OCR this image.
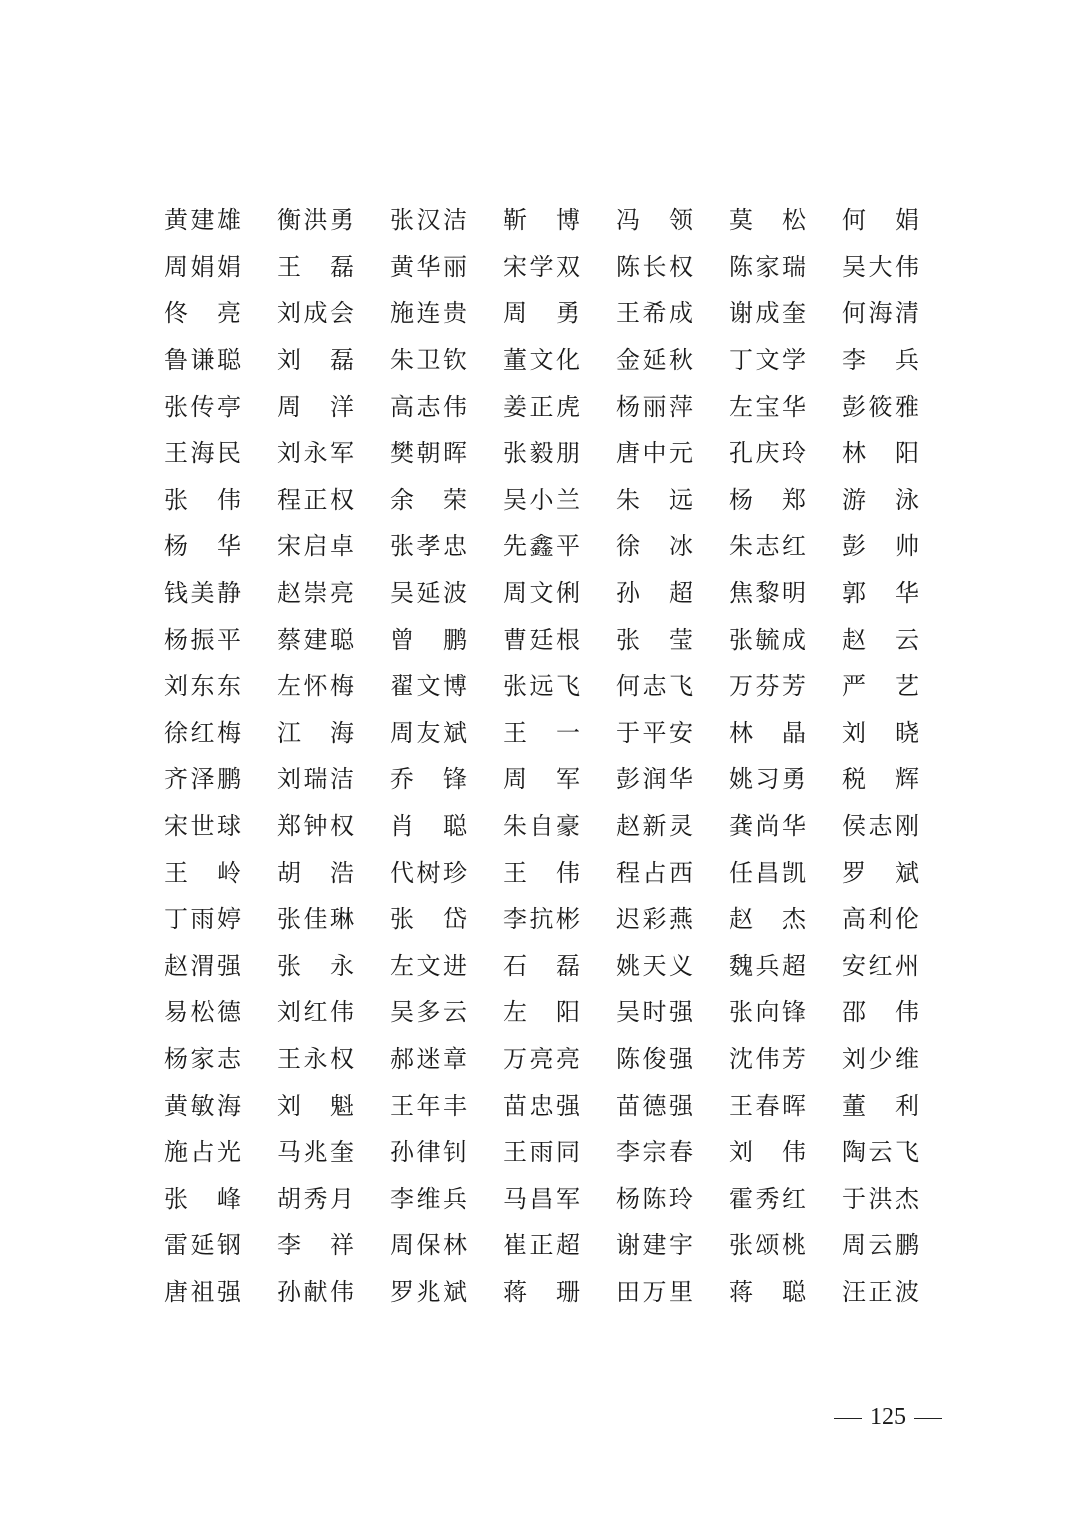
黄 建 雄 衡 洪 勇 张 汉 洁 靳 博 冯 领 莫 松 何 娟
周 娟 娟 王 磊 黄 华 丽 宋 学 双 陈 长 权 陈 家 瑞 吴 大 伟
佟 亮 刘 成 会 施 连 贵 周 勇 王 希 成 谢 成 奎 何 海 清
鲁 谦 聪 刘 磊 朱 卫 钦 董 文 化 金 延 秋 丁 文 学 李 兵
张 传 亭 周 洋 高 志 伟 姜 正 虎 杨 丽 萍 左 宝 华 彭 筱 雅
王 海 民 刘 永 军 樊 朝 晖 张 毅 朋 唐 中 元 孔 庆 玲 林 阳
张 伟 程 正 权 余 荣 吴 小 兰 朱 远 杨 郑 游 泳
杨 华 宋 启 卓 张 孝 忠 先 鑫 平 徐 冰 朱 志 红 彭 帅
钱 美 静 赵 崇 亮 吴 延 波 周 文 俐 孙 超 焦 黎 明 郭 华
杨 振 平 蔡 建 聪 曾 鹏 曹 廷 根 张 莹 张 毓 成 赵 云
刘 东 东 左 怀 梅 翟 文 博 张 远 飞 何 志 飞 万 芬 芳 严 艺
徐 红 梅 江 海 周 友 斌 王 一 于 平 安 林 晶 刘 晓
齐 泽 鹏 刘 瑞 洁 乔 锋 周 军 彭 润 华 姚 习 勇 税 辉
宋 世 球 郑 钟 权 肖 聪 朱 自 豪 赵 新 灵 龚 尚 华 侯 志 刚
王 岭 胡 浩 代 树 珍 王 伟 程 占 西 任 昌 凯 罗 斌
丁 雨 婷 张 佳 琳 张 岱 李 抗 彬 迟 彩 燕 赵 杰 高 利 伦
赵 渭 强 张 永 左 文 进 石 磊 姚 天 义 魏 兵 超 安 红 州
易 松 德 刘 红 伟 吴 多 云 左 阳 吴 时 强 张 向 锋 邵 伟
杨 家 志 王 永 权 郝 迷 章 万 亮 亮 陈 俊 强 沈 伟 芳 刘 少 维
黄 敏 海 刘 魁 王 年 丰 苗 忠 强 苗 德 强 王 春 晖 董 利
施 占 光 马 兆 奎 孙 律 钊 王 雨 同 李 宗 春 刘 伟 陶 云 飞
张 峰 胡 秀 月 李 维 兵 马 昌 军 杨 陈 玲 霍 秀 红 于 洪 杰
雷 延 钢 李 祥 周 保 林 崔 正 超 谢 建 宇 张 颂 桃 周 云 鹏
唐 祖 强 孙 献 伟 罗 兆 斌 蒋 珊 田 万 里 蒋 聪 汪 正 波
125
